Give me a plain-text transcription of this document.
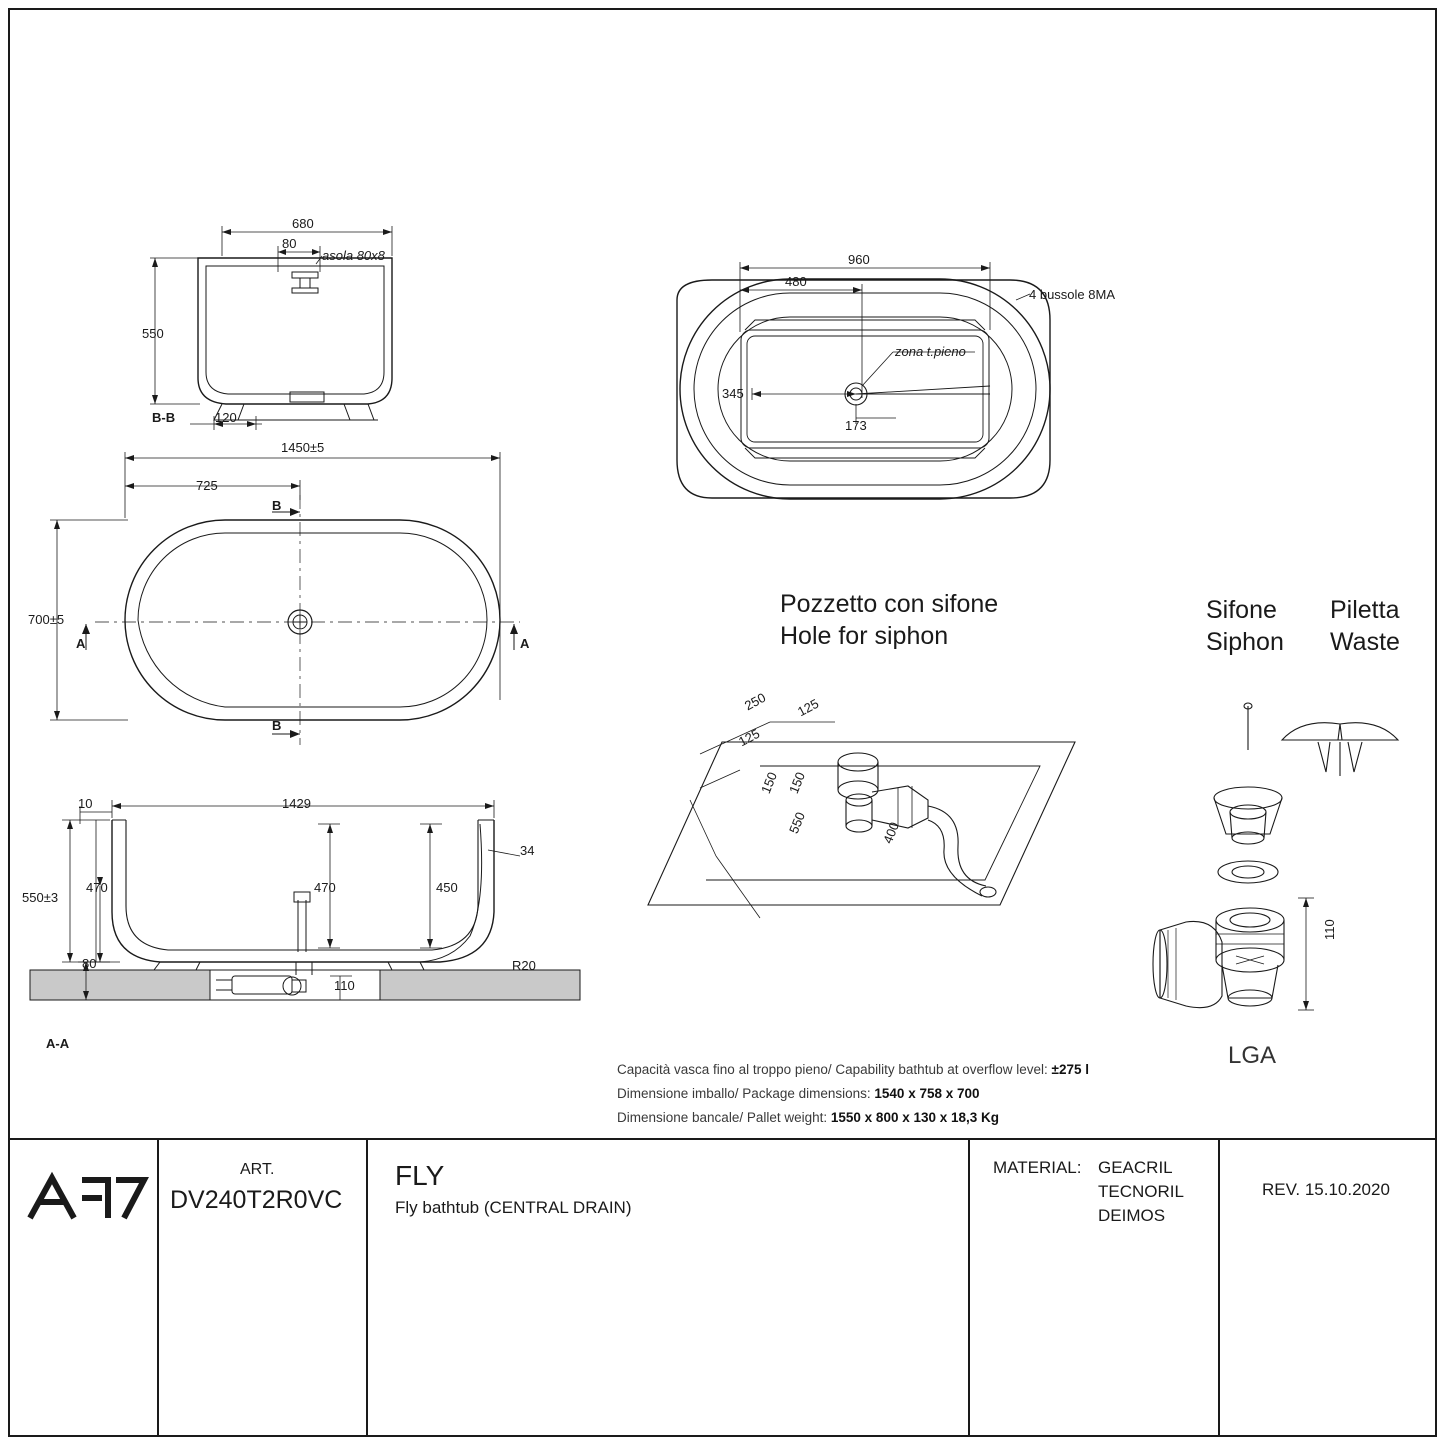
680
80
550
120
B-B
asola 80x8	960
480
345
173
4 bussole 8MA
zona t.pieno
1450±5
725
700±5
A	A
B
B
10	1429
34
470	470	450
550±3
80
110
R20
A-A
Pozzetto con sifone
Hole for siphon
250
125
125
150 150
550	400
Sifone
Siphon
Piletta
Waste
110
LGA
Capacità vasca fino al troppo pieno/ Capability bathtub at overflow level: ±275 l
Dimensione imballo/ Package dimensions: 1540 x 758 x 700
Dimensione bancale/ Pallet weight: 1550 x 800 x 130 x 18,3 Kg
ART.
DV240T2R0VC
FLY
Fly bathtub (CENTRAL DRAIN)
MATERIAL: GEACRIL
TECNORIL
DEIMOS
REV. 15.10.2020
